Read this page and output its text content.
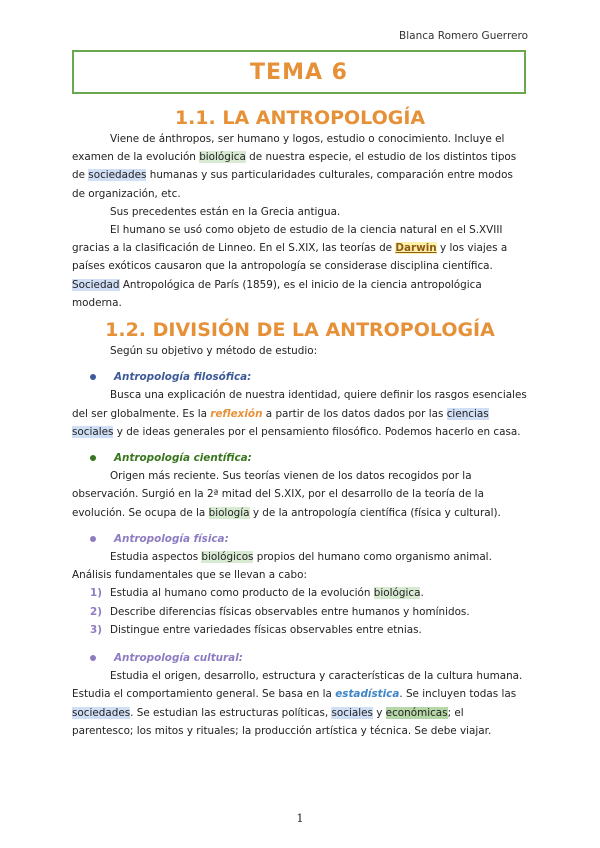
Blanca Romero Guerrero
TEMA 6
1.1. LA ANTROPOLOGÍA

Viene de ánthropos, ser humano y logos, estudio o conocimiento. Incluye el examen de la evolución biológica de nuestra especie, el estudio de los distintos tipos de sociedades humanas y sus particularidades culturales, comparación entre modos de organización, etc.

Sus precedentes están en la Grecia antigua.

El humano se usó como objeto de estudio de la ciencia natural en el S.XVIII gracias a la clasificación de Linneo. En el S.XIX, las teorías de Darwin y los viajes a países exóticos causaron que la antropología se considerase disciplina científica. Sociedad Antropológica de París (1859), es el inicio de la ciencia antropológica moderna.

1.2. DIVISIÓN DE LA ANTROPOLOGÍA

Según su objetivo y método de estudio:

Antropología filosófica:

Busca una explicación de nuestra identidad, quiere definir los rasgos esenciales del ser globalmente. Es la reflexión a partir de los datos dados por las ciencias sociales y de ideas generales por el pensamiento filosófico. Podemos hacerlo en casa.

Antropología científica:

Origen más reciente. Sus teorías vienen de los datos recogidos por la observación. Surgió en la 2ª mitad del S.XIX, por el desarrollo de la teoría de la evolución. Se ocupa de la biología y de la antropología científica (física y cultural).

Antropología física:

Estudia aspectos biológicos propios del humano como organismo animal. Análisis fundamentales que se llevan a cabo:

1) Estudia al humano como producto de la evolución biológica.
2) Describe diferencias físicas observables entre humanos y homínidos.
3) Distingue entre variedades físicas observables entre etnias.
Antropología cultural:

Estudia el origen, desarrollo, estructura y características de la cultura humana. Estudia el comportamiento general. Se basa en la estadística. Se incluyen todas las sociedades. Se estudian las estructuras políticas, sociales y económicas; el parentesco; los mitos y rituales; la producción artística y técnica. Se debe viajar.

1
